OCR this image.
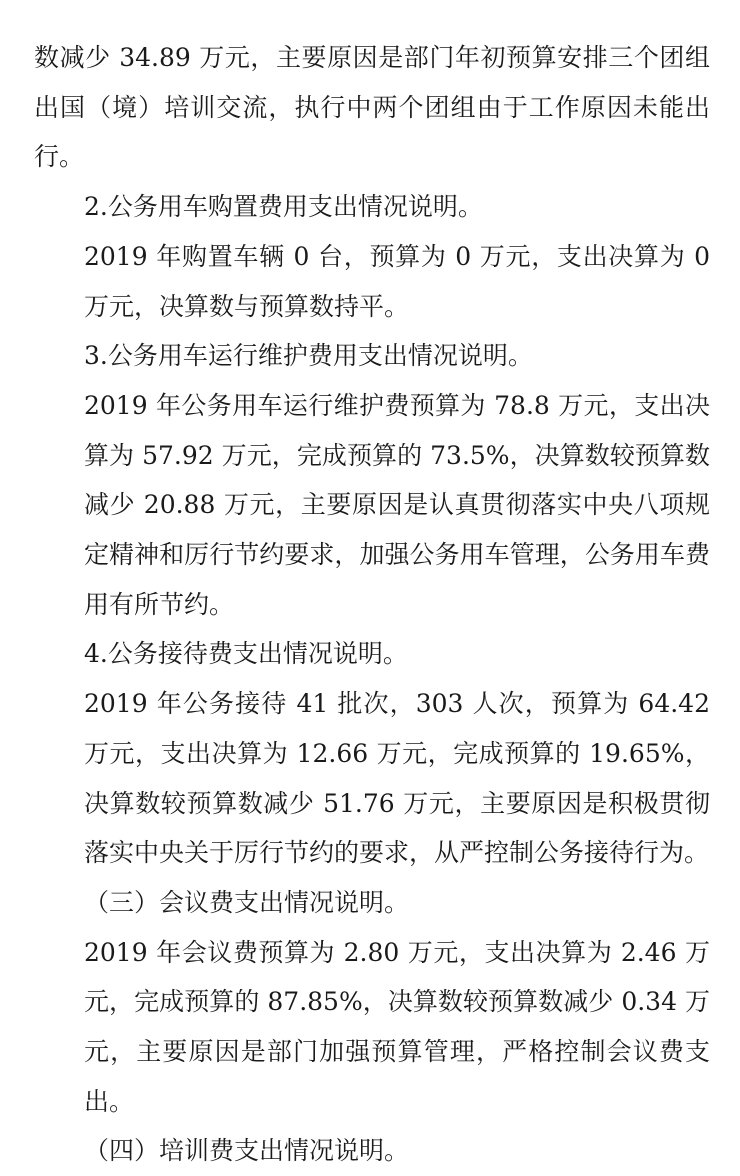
数减少 34.89 万元，主要原因是部门年初预算安排三个团组出国（境）培训交流，执行中两个团组由于工作原因未能出行。

2.公务用车购置费用支出情况说明。

2019 年购置车辆 0 台，预算为 0 万元，支出决算为 0 万元，决算数与预算数持平。

3.公务用车运行维护费用支出情况说明。

2019 年公务用车运行维护费预算为 78.8 万元，支出决算为 57.92 万元，完成预算的 73.5%，决算数较预算数减少 20.88 万元，主要原因是认真贯彻落实中央八项规定精神和厉行节约要求，加强公务用车管理，公务用车费用有所节约。

4.公务接待费支出情况说明。

2019 年公务接待 41 批次，303 人次，预算为 64.42 万元，支出决算为 12.66 万元，完成预算的 19.65%，决算数较预算数减少 51.76 万元，主要原因是积极贯彻落实中央关于厉行节约的要求，从严控制公务接待行为。

（三）会议费支出情况说明。

2019 年会议费预算为 2.80 万元，支出决算为 2.46 万元，完成预算的 87.85%，决算数较预算数减少 0.34 万元，主要原因是部门加强预算管理，严格控制会议费支出。

（四）培训费支出情况说明。
